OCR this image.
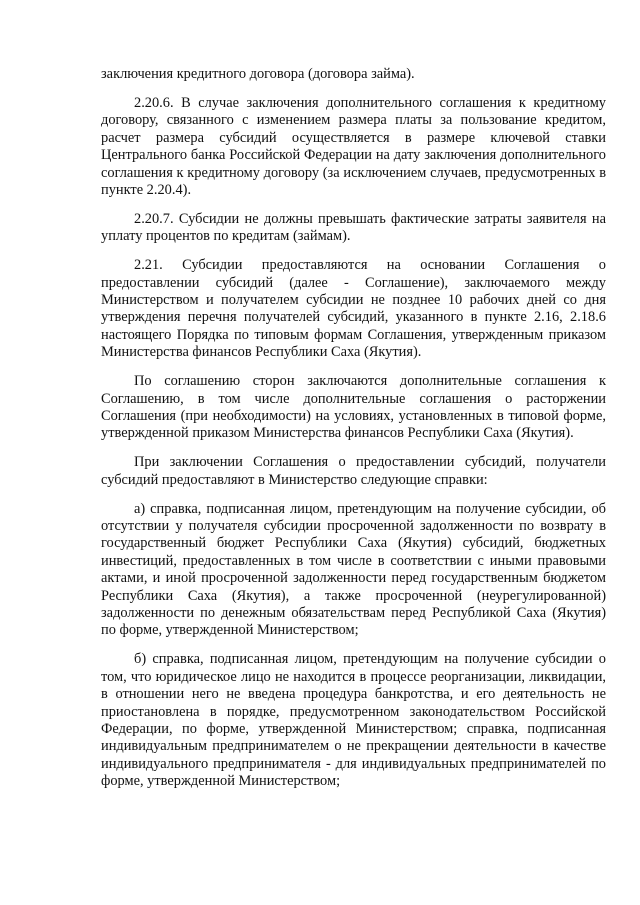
заключения кредитного договора (договора займа).

2.20.6. В случае заключения дополнительного соглашения к кредитному договору, связанного с изменением размера платы за пользование кредитом, расчет размера субсидий осуществляется в размере ключевой ставки Центрального банка Российской Федерации на дату заключения дополнительного соглашения к кредитному договору (за исключением случаев, предусмотренных в пункте 2.20.4).

2.20.7. Субсидии не должны превышать фактические затраты заявителя на уплату процентов по кредитам (займам).

2.21. Субсидии предоставляются на основании Соглашения о предоставлении субсидий (далее - Соглашение), заключаемого между Министерством и получателем субсидии не позднее 10 рабочих дней со дня утверждения перечня получателей субсидий, указанного в пункте 2.16, 2.18.6 настоящего Порядка по типовым формам Соглашения, утвержденным приказом Министерства финансов Республики Саха (Якутия).

По соглашению сторон заключаются дополнительные соглашения к Соглашению, в том числе дополнительные соглашения о расторжении Соглашения (при необходимости) на условиях, установленных в типовой форме, утвержденной приказом Министерства финансов Республики Саха (Якутия).

При заключении Соглашения о предоставлении субсидий, получатели субсидий предоставляют в Министерство следующие справки:

а) справка, подписанная лицом, претендующим на получение субсидии, об отсутствии у получателя субсидии просроченной задолженности по возврату в государственный бюджет Республики Саха (Якутия) субсидий, бюджетных инвестиций, предоставленных в том числе в соответствии с иными правовыми актами, и иной просроченной задолженности перед государственным бюджетом Республики Саха (Якутия), а также просроченной (неурегулированной) задолженности по денежным обязательствам перед Республикой Саха (Якутия) по форме, утвержденной Министерством;

б) справка, подписанная лицом, претендующим на получение субсидии о том, что юридическое лицо не находится в процессе реорганизации, ликвидации, в отношении него не введена процедура банкротства, и его деятельность не приостановлена в порядке, предусмотренном законодательством Российской Федерации, по форме, утвержденной Министерством; справка, подписанная индивидуальным предпринимателем о не прекращении деятельности в качестве индивидуального предпринимателя - для индивидуальных предпринимателей по форме, утвержденной Министерством;
